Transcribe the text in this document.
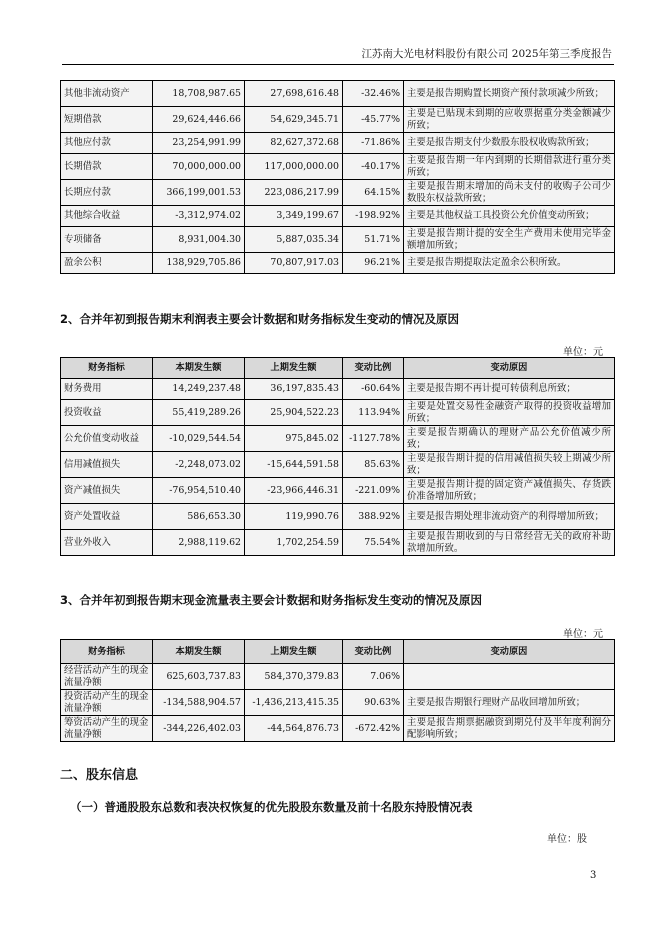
江苏南大光电材料股份有限公司 2025年第三季度报告
其他非流动资产	18,708,987.65	27,698,616.48	-32.46%	主要是报告期购置长期资产预付款项减少所致；
短期借款	29,624,446.66	54,629,345.71	-45.77%	主要是已贴现未到期的应收票据重分类金额减少所致；
其他应付款	23,254,991.99	82,627,372.68	-71.86%	主要是报告期支付少数股东股权收购款所致；
长期借款	70,000,000.00	117,000,000.00	-40.17%	主要是报告期一年内到期的长期借款进行重分类所致；
长期应付款	366,199,001.53	223,086,217.99	64.15%	主要是报告期末增加的尚未支付的收购子公司少数股东权益款所致；
其他综合收益	-3,312,974.02	3,349,199.67	-198.92%	主要是其他权益工具投资公允价值变动所致；
专项储备	8,931,004.30	5,887,035.34	51.71%	主要是报告期计提的安全生产费用未使用完毕金额增加所致；
盈余公积	138,929,705.86	70,807,917.03	96.21%	主要是报告期提取法定盈余公积所致。
2、合并年初到报告期末利润表主要会计数据和财务指标发生变动的情况及原因
单位：元
财务指标	本期发生额	上期发生额	变动比例	变动原因
财务费用	14,249,237.48	36,197,835.43	-60.64%	主要是报告期不再计提可转债利息所致；
投资收益	55,419,289.26	25,904,522.23	113.94%	主要是处置交易性金融资产取得的投资收益增加所致；
公允价值变动收益	-10,029,544.54	975,845.02	-1127.78%	主要是报告期确认的理财产品公允价值减少所致；
信用减值损失	-2,248,073.02	-15,644,591.58	85.63%	主要是报告期计提的信用减值损失较上期减少所致；
资产减值损失	-76,954,510.40	-23,966,446.31	-221.09%	主要是报告期计提的固定资产减值损失、存货跌价准备增加所致；
资产处置收益	586,653.30	119,990.76	388.92%	主要是报告期处理非流动资产的利得增加所致；
营业外收入	2,988,119.62	1,702,254.59	75.54%	主要是报告期收到的与日常经营无关的政府补助款增加所致。
3、合并年初到报告期末现金流量表主要会计数据和财务指标发生变动的情况及原因
单位：元
财务指标	本期发生额	上期发生额	变动比例	变动原因
经营活动产生的现金流量净额	625,603,737.83	584,370,379.83	7.06%	
投资活动产生的现金流量净额	-134,588,904.57	-1,436,213,415.35	90.63%	主要是报告期银行理财产品收回增加所致；
筹资活动产生的现金流量净额	-344,226,402.03	-44,564,876.73	-672.42%	主要是报告期票据融资到期兑付及半年度利润分配影响所致；
二、股东信息
（一）普通股股东总数和表决权恢复的优先股股东数量及前十名股东持股情况表
单位：股
3
